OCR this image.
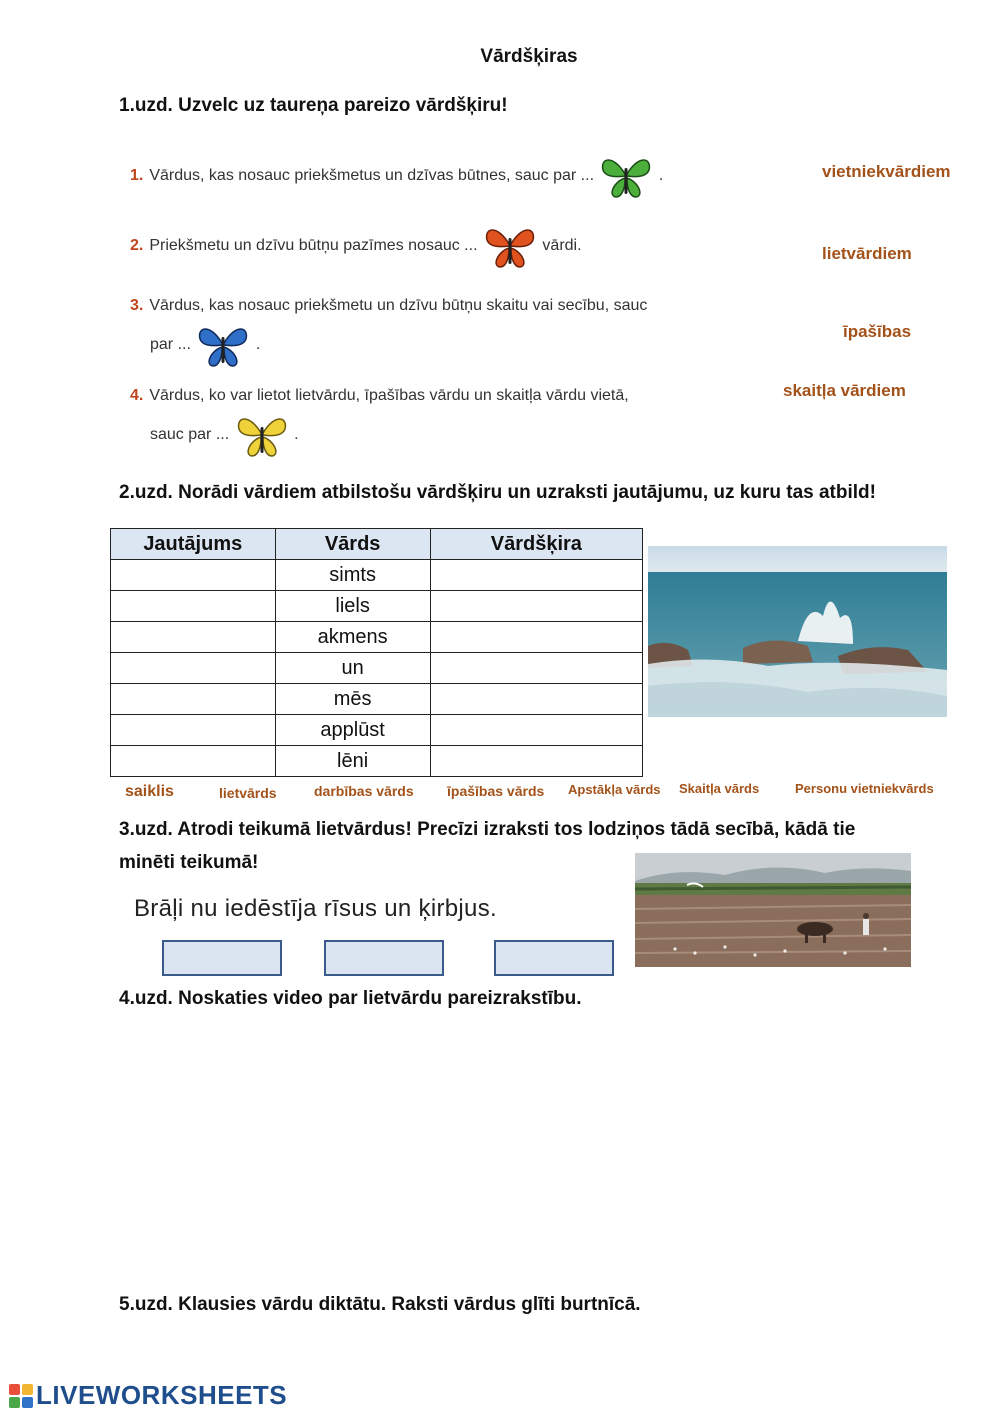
Vārdšķiras
1.uzd. Uzvelc uz taureņa pareizo vārdšķiru!
1. Vārdus, kas nosauc priekšmetus un dzīvas būtnes, sauc par ...	.
2. Priekšmetu un dzīvu būtņu pazīmes nosauc ...	vārdi.
3. Vārdus, kas nosauc priekšmetu un dzīvu būtņu skaitu vai secību, sauc
par ...	.
4. Vārdus, ko var lietot lietvārdu, īpašības vārdu un skaitļa vārdu vietā,
sauc par ...	.
vietniekvārdiem
lietvārdiem
īpašības
skaitļa vārdiem
2.uzd. Norādi vārdiem atbilstošu vārdšķiru un uzraksti jautājumu, uz kuru tas atbild!
Jautājums	Vārds	Vārdšķira
	simts	
	liels	
	akmens	
	un	
	mēs	
	applūst	
	lēni	
saiklis	lietvārds	darbības vārds īpašības vārds Apstākļa vārds Skaitļa vārds	Personu vietniekvārds
3.uzd. Atrodi teikumā lietvārdus! Precīzi izraksti tos lodziņos tādā secībā, kādā tie
minēti teikumā!
Brāļi nu iedēstīja rīsus un ķirbjus.
4.uzd. Noskaties video par lietvārdu pareizrakstību.
5.uzd. Klausies vārdu diktātu. Raksti vārdus glīti burtnīcā.
LIVEWORKSHEETS
